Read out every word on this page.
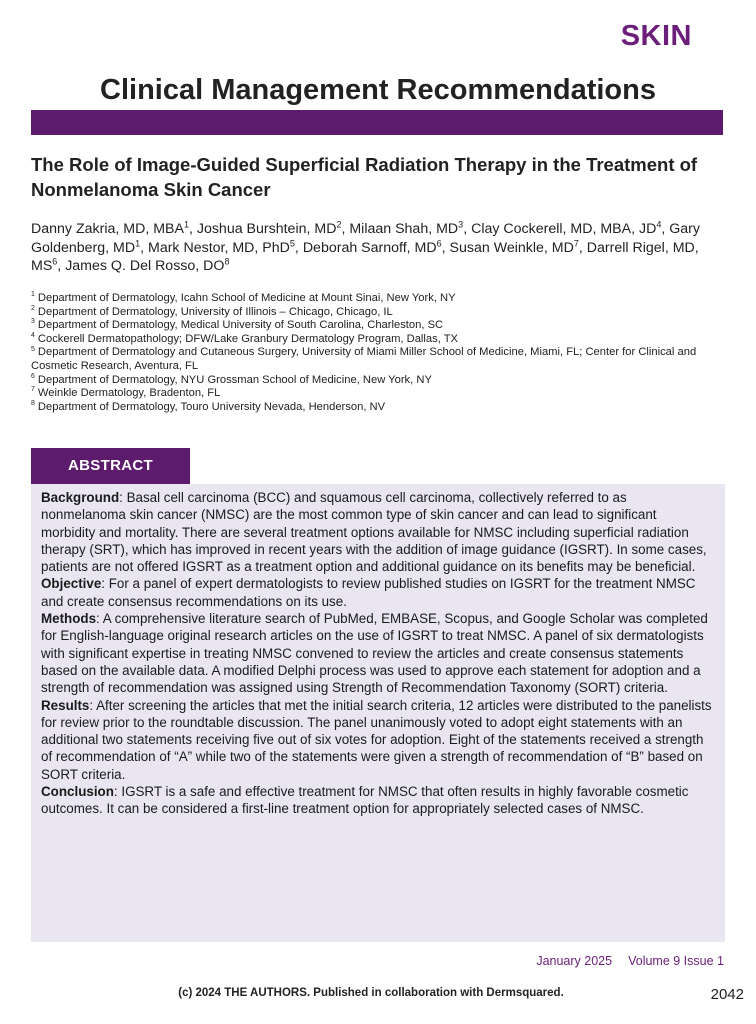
SKIN
Clinical Management Recommendations
The Role of Image-Guided Superficial Radiation Therapy in the Treatment of Nonmelanoma Skin Cancer
Danny Zakria, MD, MBA$^1$, Joshua Burshtein, $MD^2$, Milaan Shah, $MD^3$, Clay Cockerell, MD, MBA, $JD^4$, Gary Goldenberg, $MD^1$, Mark Nestor, MD, PhD$^5$, Deborah Sarnoff, $MD^6$, Susan Weinkle, $MD^7$, Darrell Rigel, MD, $MS^6$, James Q. Del Rosso, $DO^8$
$^1$ Department of Dermatology, Icahn School of Medicine at Mount Sinai, New York, NY
$^2$ Department of Dermatology, University of Illinois – Chicago, Chicago, IL
$^3$ Department of Dermatology, Medical University of South Carolina, Charleston, SC
$^4$ Cockerell Dermatopathology; DFW/Lake Granbury Dermatology Program, Dallas, TX
$^5$ Department of Dermatology and Cutaneous Surgery, University of Miami Miller School of Medicine, Miami, FL; Center for Clinical and Cosmetic Research, Aventura, FL
$^6$ Department of Dermatology, NYU Grossman School of Medicine, New York, NY
$^7$ Weinkle Dermatology, Bradenton, FL
$^8$ Department of Dermatology, Touro University Nevada, Henderson, NV
ABSTRACT

Background: Basal cell carcinoma (BCC) and squamous cell carcinoma, collectively referred to as nonmelanoma skin cancer (NMSC) are the most common type of skin cancer and can lead to significant morbidity and mortality. There are several treatment options available for NMSC including superficial radiation therapy (SRT), which has improved in recent years with the addition of image guidance (IGSRT). In some cases, patients are not offered IGSRT as a treatment option and additional guidance on its benefits may be beneficial.

Objective: For a panel of expert dermatologists to review published studies on IGSRT for the treatment NMSC and create consensus recommendations on its use.

Methods: A comprehensive literature search of PubMed, EMBASE, Scopus, and Google Scholar was completed for English-language original research articles on the use of IGSRT to treat NMSC. A panel of six dermatologists with significant expertise in treating NMSC convened to review the articles and create consensus statements based on the available data. A modified Delphi process was used to approve each statement for adoption and a strength of recommendation was assigned using Strength of Recommendation Taxonomy (SORT) criteria.

Results: After screening the articles that met the initial search criteria, 12 articles were distributed to the panelists for review prior to the roundtable discussion. The panel unanimously voted to adopt eight statements with an additional two statements receiving five out of six votes for adoption. Eight of the statements received a strength of recommendation of “A” while two of the statements were given a strength of recommendation of “B” based on SORT criteria.

Conclusion: IGSRT is a safe and effective treatment for NMSC that often results in highly favorable cosmetic outcomes. It can be considered a first-line treatment option for appropriately selected cases of NMSC.

January 2025 Volume 9 Issue 1
(c) 2024 THE AUTHORS. Published in collaboration with Dermsquared.	2042
